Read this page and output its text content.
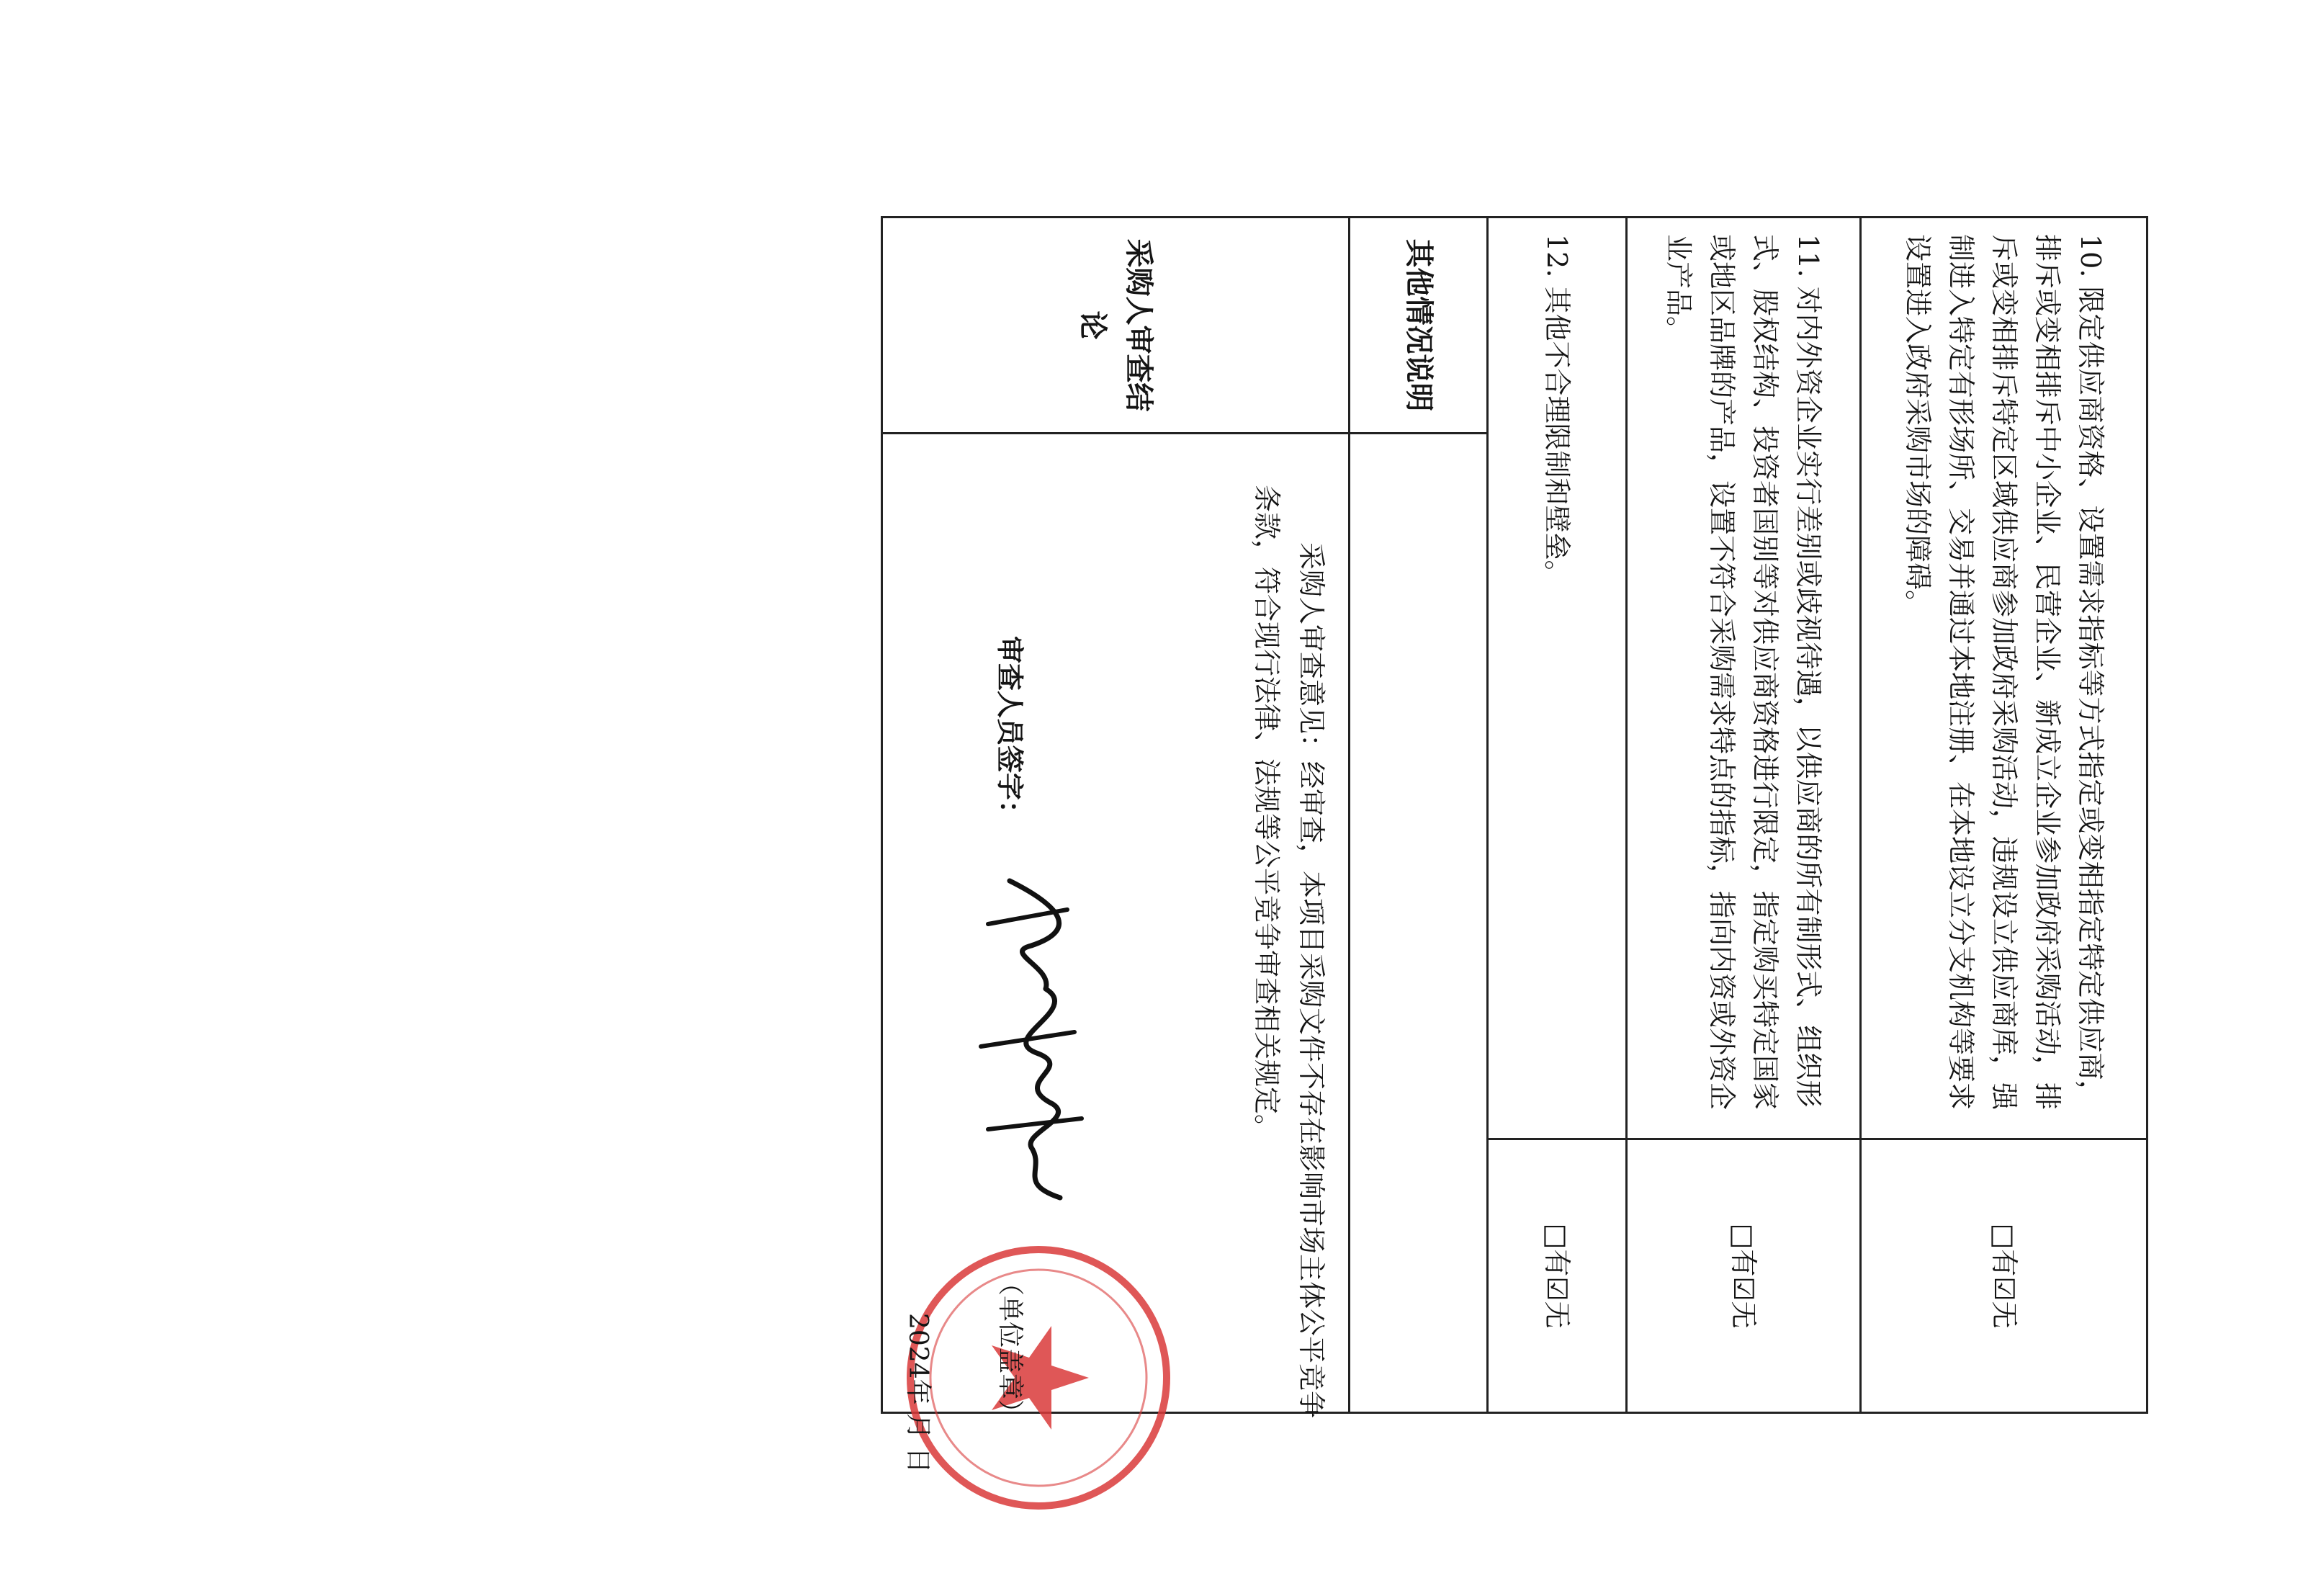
10. 限定供应商资格、设置需求指标等方式指定或变相指定特定供应商，排斥或变相排斥中小企业、民营企业、新成立企业参加政府采购活动，排斥或变相排斥特定区域供应商参加政府采购活动，违规设立供应商库，强制进入特定有形场所、交易并通过本地注册、在本地设立分支机构等要求设置进入政府采购市场的障碍。		□有☑无
11. 对内外资企业实行差别或歧视待遇，以供应商的所有制形式、组织形式、股权结构、投资者国别等对供应商资格进行限定，指定购买特定国家或地区品牌的产品，设置不符合采购需求特点的指标，指向内资或外资企业产品。		□有☑无
12. 其他不合理限制和壁垒。		□有☑无
其他情况说明		
采购人审查结论	采购人审查意见：经审查，本项目采购文件不存在影响市场主体公平竞争条款，符合现行法律、法规等公平竞争审查相关规定。
审查人员签字：
（单位盖章）
2024年 月 日	
